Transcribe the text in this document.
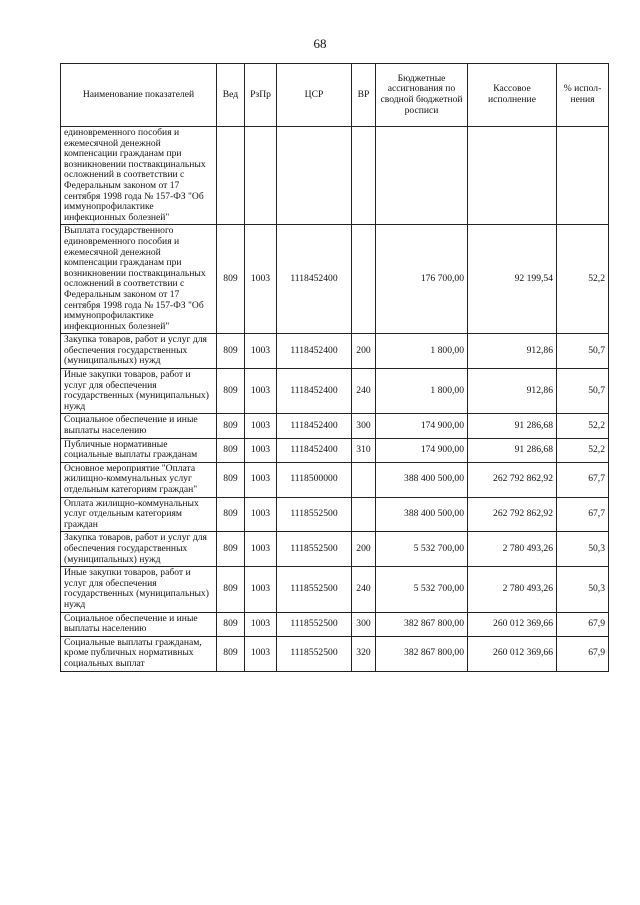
68
Наименование показателей	Вед	РзПр	ЦСР	ВР	Бюджетные ассигнования по сводной бюджетной росписи	Кассовое исполнение	% испол-нения
единовременного пособия и ежемесячной денежной компенсации гражданам при возникновении поствакцинальных осложнений в соответствии с Федеральным законом от 17 сентября 1998 года № 157-ФЗ "Об иммунопрофилактике инфекционных болезней"							
Выплата государственного единовременного пособия и ежемесячной денежной компенсации гражданам при возникновении поствакцинальных осложнений в соответствии с Федеральным законом от 17 сентября 1998 года № 157-ФЗ "Об иммунопрофилактике инфекционных болезней"	809	1003	1118452400		176 700,00	92 199,54	52,2
Закупка товаров, работ и услуг для обеспечения государственных (муниципальных) нужд	809	1003	1118452400	200	1 800,00	912,86	50,7
Иные закупки товаров, работ и услуг для обеспечения государственных (муниципальных) нужд	809	1003	1118452400	240	1 800,00	912,86	50,7
Социальное обеспечение и иные выплаты населению	809	1003	1118452400	300	174 900,00	91 286,68	52,2
Публичные нормативные социальные выплаты гражданам	809	1003	1118452400	310	174 900,00	91 286,68	52,2
Основное мероприятие "Оплата жилищно-коммунальных услуг отдельным категориям граждан"	809	1003	1118500000		388 400 500,00	262 792 862,92	67,7
Оплата жилищно-коммунальных услуг отдельным категориям граждан	809	1003	1118552500		388 400 500,00	262 792 862,92	67,7
Закупка товаров, работ и услуг для обеспечения государственных (муниципальных) нужд	809	1003	1118552500	200	5 532 700,00	2 780 493,26	50,3
Иные закупки товаров, работ и услуг для обеспечения государственных (муниципальных) нужд	809	1003	1118552500	240	5 532 700,00	2 780 493,26	50,3
Социальное обеспечение и иные выплаты населению	809	1003	1118552500	300	382 867 800,00	260 012 369,66	67,9
Социальные выплаты гражданам, кроме публичных нормативных социальных выплат	809	1003	1118552500	320	382 867 800,00	260 012 369,66	67,9
